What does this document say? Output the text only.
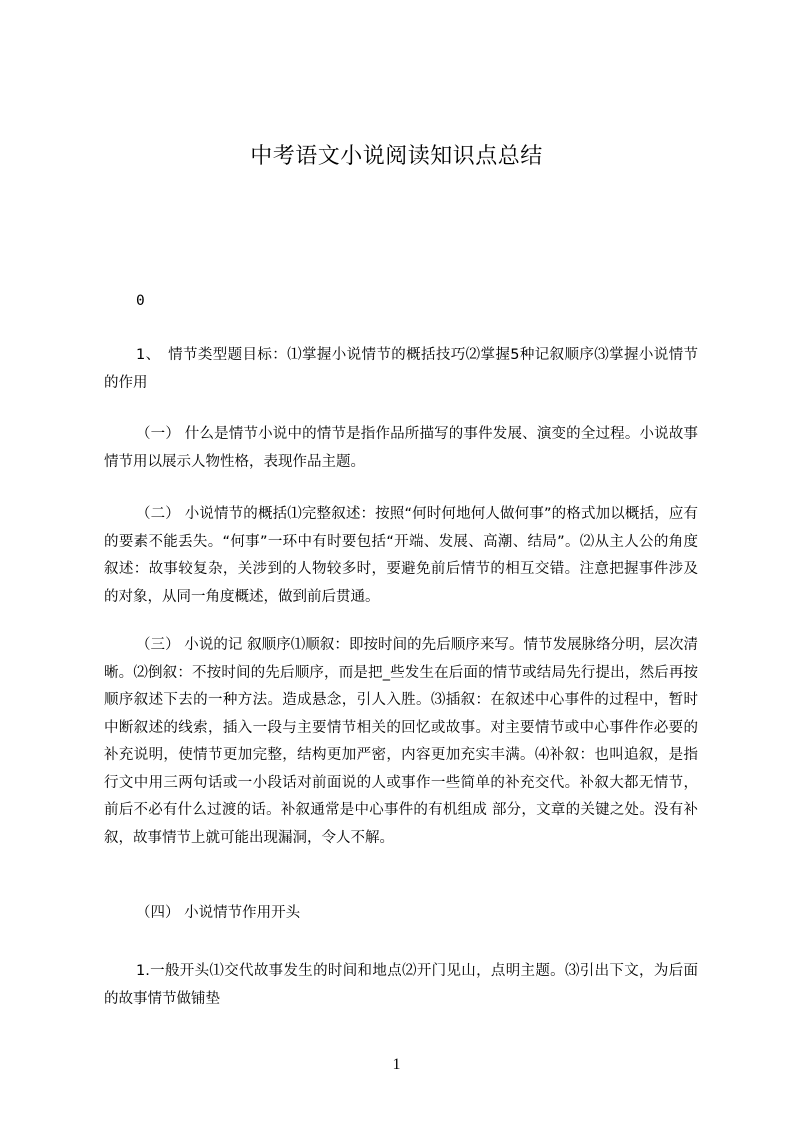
中考语文小说阅读知识点总结
0
1、　情节类型题目标：⑴掌握小说情节的概括技巧⑵掌握5种记叙顺序⑶掌握小说情节的作用
（一） 什么是情节小说中的情节是指作品所描写的事件发展、演变的全过程。小说故事情节用以展示人物性格，表现作品主题。
（二） 小说情节的概括⑴完整叙述：按照“何时何地何人做何事”的格式加以概括，应有的要素不能丢失。“何事”一环中有时要包括“开端、发展、高潮、结局”。⑵从主人公的角度叙述：故事较复杂，关涉到的人物较多时，要避免前后情节的相互交错。注意把握事件涉及的对象，从同一角度概述，做到前后贯通。
（三） 小说的记 叙顺序⑴顺叙：即按时间的先后顺序来写。情节发展脉络分明，层次清晰。⑵倒叙：不按时间的先后顺序，而是把_些发生在后面的情节或结局先行提出，然后再按顺序叙述下去的一种方法。造成悬念，引人入胜。⑶插叙：在叙述中心事件的过程中，暂时中断叙述的线索，插入一段与主要情节相关的回忆或故事。对主要情节或中心事件作必要的补充说明，使情节更加完整，结构更加严密，内容更加充实丰满。⑷补叙：也叫追叙，是指行文中用三两句话或一小段话对前面说的人或事作一些简单的补充交代。补叙大都无情节，前后不必有什么过渡的话。补叙通常是中心事件的有机组成 部分，文章的关键之处。没有补叙，故事情节上就可能出现漏洞，令人不解。
（四） 小说情节作用开头
1.一般开头⑴交代故事发生的时间和地点⑵开门见山，点明主题。⑶引出下文，为后面的故事情节做铺垫
1
